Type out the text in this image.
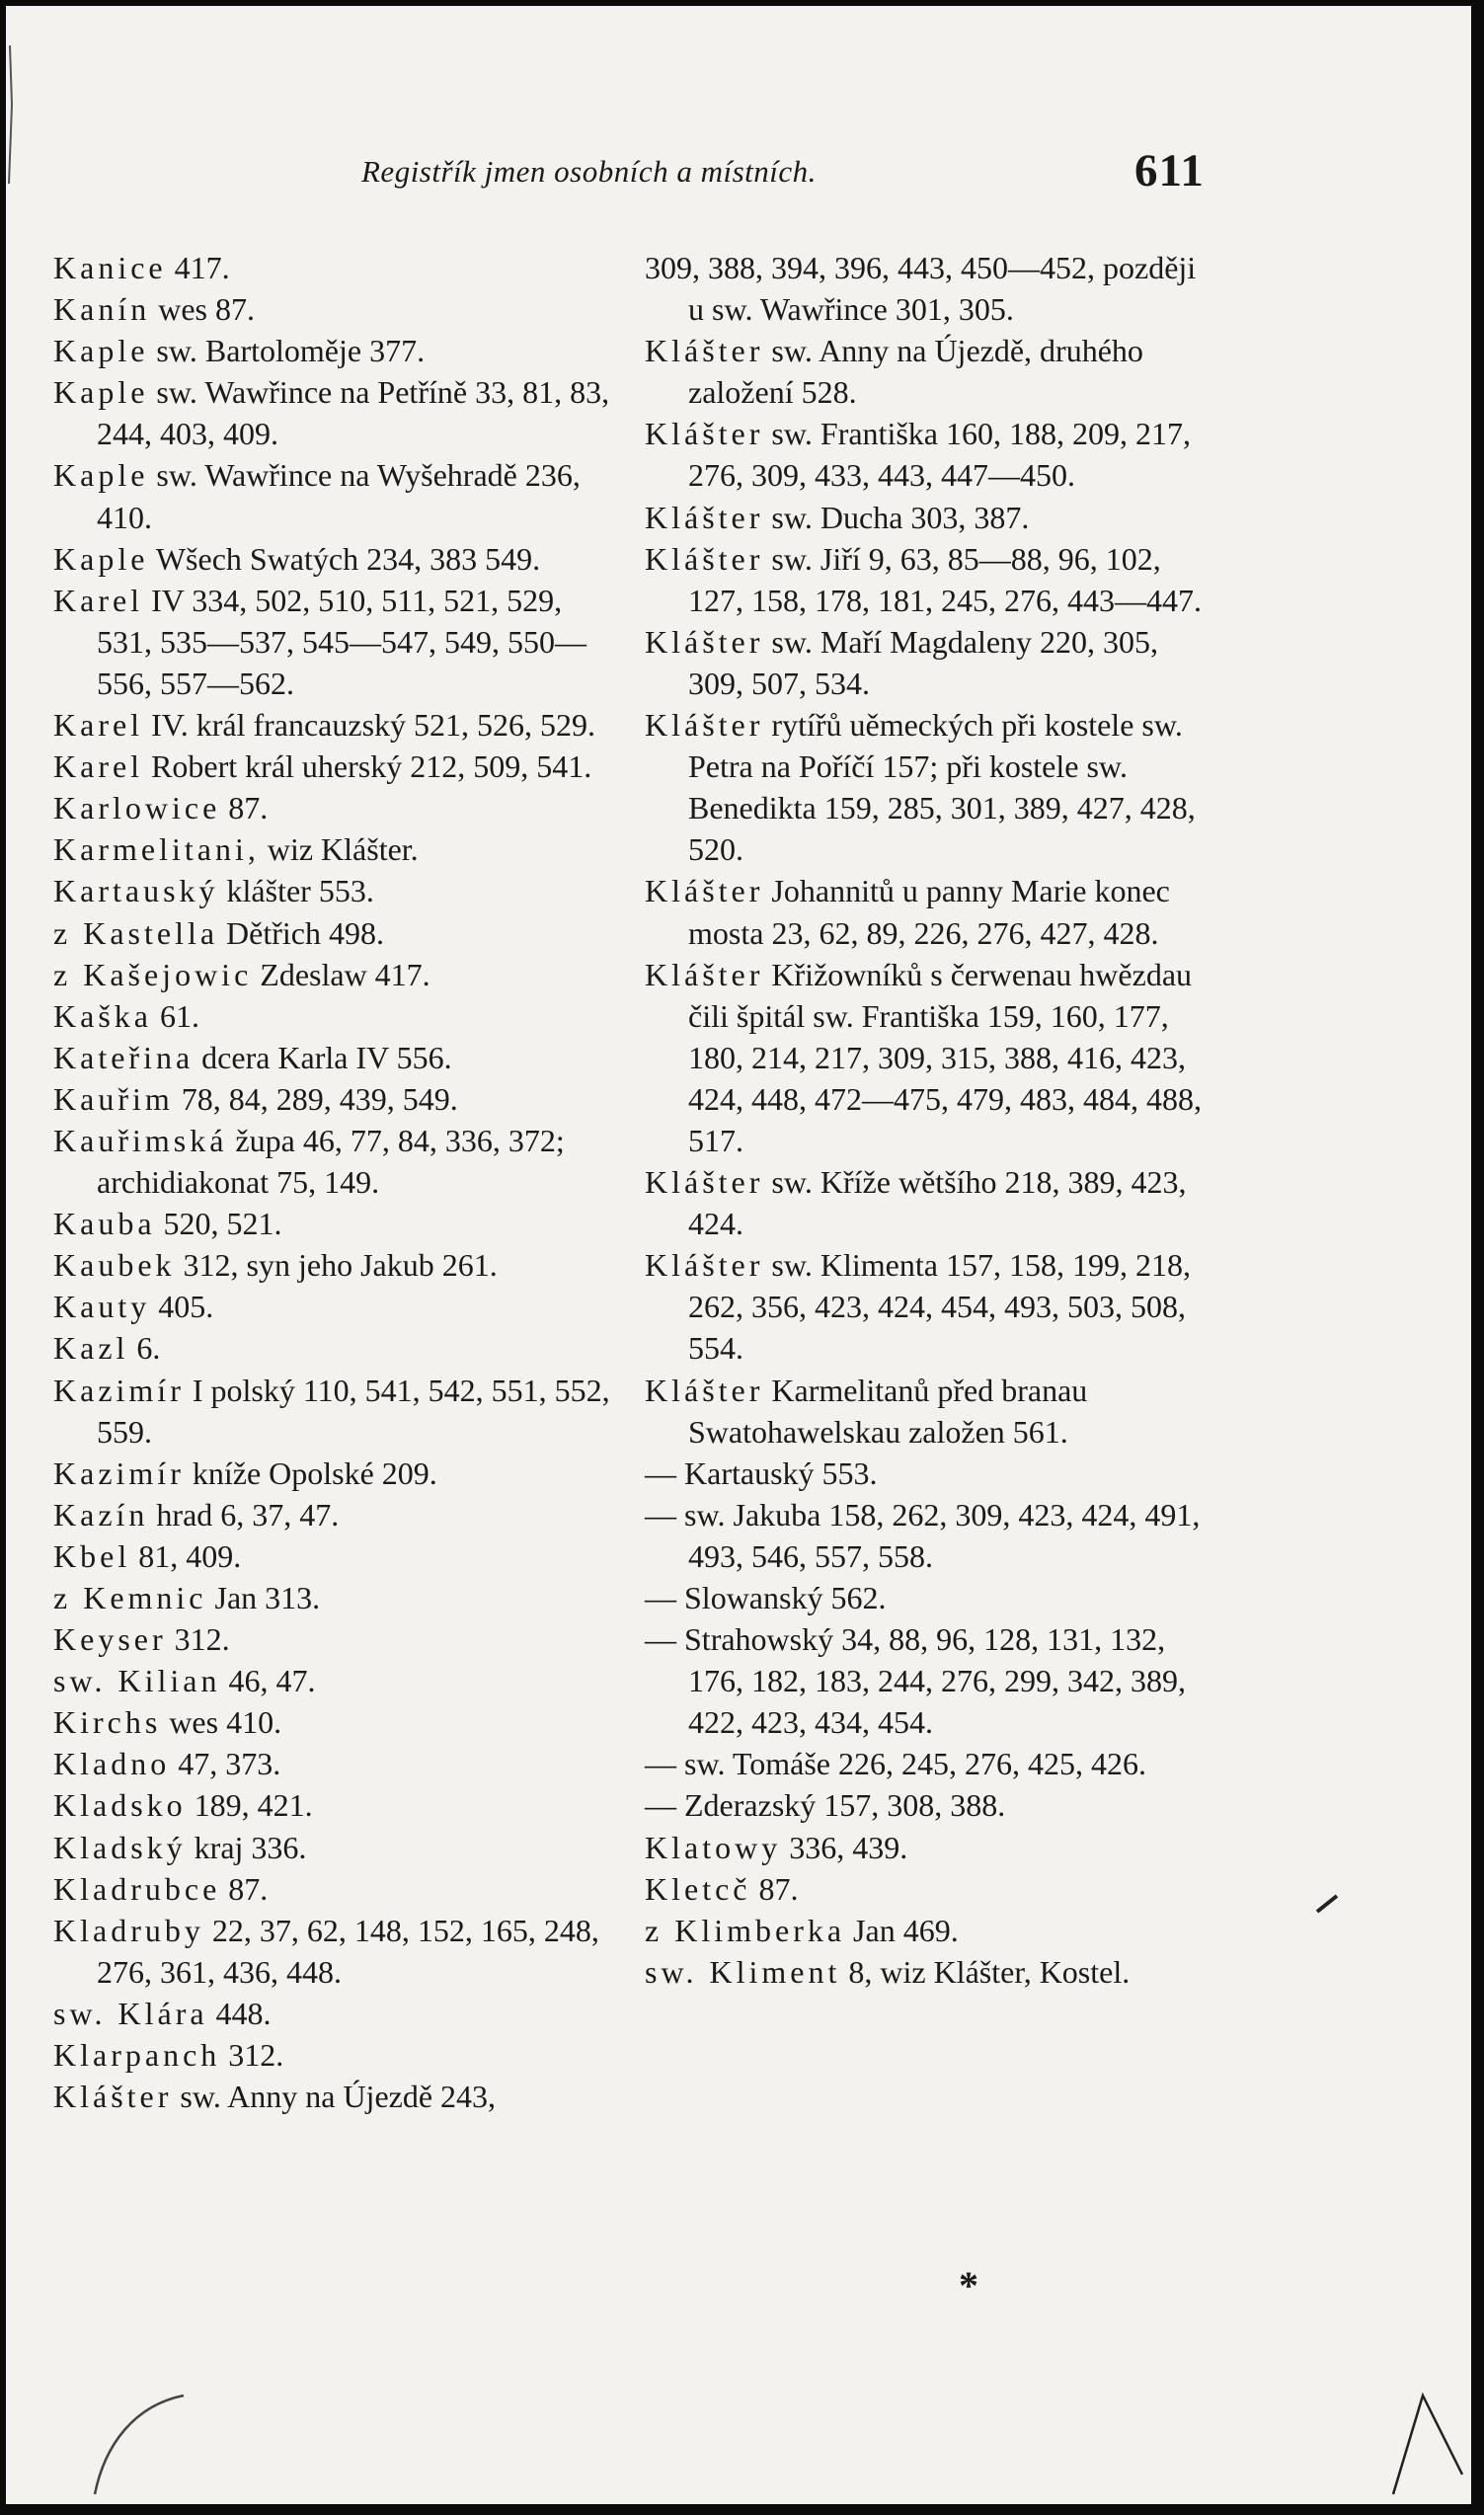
Registřík jmen osobních a místních.	611

Kanice 417.

Kanín wes 87.

Kaple sw. Bartoloměje 377.

Kaple sw. Wawřince na Petříně 33, 81, 83, 244, 403, 409.

Kaple sw. Wawřince na Wyšehradě 236, 410.

Kaple Wšech Swatých 234, 383 549.

Karel IV 334, 502, 510, 511, 521, 529, 531, 535—537, 545—547, 549, 550—556, 557—562.

Karel IV. král francauzský 521, 526, 529.

Karel Robert král uherský 212, 509, 541.

Karlowice 87.

Karmelitani, wiz Klášter.

Kartauský klášter 553.

z Kastella Dětřich 498.

z Kašejowic Zdeslaw 417.

Kaška 61.

Kateřina dcera Karla IV 556.

Kauřim 78, 84, 289, 439, 549.

Kauřimská župa 46, 77, 84, 336, 372; archidiakonat 75, 149.

Kauba 520, 521.

Kaubek 312, syn jeho Jakub 261.

Kauty 405.

Kazl 6.

Kazimír I polský 110, 541, 542, 551, 552, 559.

Kazimír kníže Opolské 209.

Kazín hrad 6, 37, 47.

Kbel 81, 409.

z Kemnic Jan 313.

Keyser 312.

sw. Kilian 46, 47.

Kirchs wes 410.

Kladno 47, 373.

Kladsko 189, 421.

Kladský kraj 336.

Kladrubce 87.

Kladruby 22, 37, 62, 148, 152, 165, 248, 276, 361, 436, 448.

sw. Klára 448.

Klarpanch 312.

Klášter sw. Anny na Újezdě 243,

309, 388, 394, 396, 443, 450—452, později u sw. Wawřince 301, 305.

Klášter sw. Anny na Újezdě, druhého založení 528.

Klášter sw. Františka 160, 188, 209, 217, 276, 309, 433, 443, 447—450.

Klášter sw. Ducha 303, 387.

Klášter sw. Jiří 9, 63, 85—88, 96, 102, 127, 158, 178, 181, 245, 276, 443—447.

Klášter sw. Maří Magdaleny 220, 305, 309, 507, 534.

Klášter rytířů uěmeckých při kostele sw. Petra na Poříčí 157; při kostele sw. Benedikta 159, 285, 301, 389, 427, 428, 520.

Klášter Johannitů u panny Marie konec mosta 23, 62, 89, 226, 276, 427, 428.

Klášter Křižowníků s čerwenau hwězdau čili špitál sw. Františka 159, 160, 177, 180, 214, 217, 309, 315, 388, 416, 423, 424, 448, 472—475, 479, 483, 484, 488, 517.

Klášter sw. Kříže wětšího 218, 389, 423, 424.

Klášter sw. Klimenta 157, 158, 199, 218, 262, 356, 423, 424, 454, 493, 503, 508, 554.

Klášter Karmelitanů před branau Swatohawelskau založen 561.

— Kartauský 553.

— sw. Jakuba 158, 262, 309, 423, 424, 491, 493, 546, 557, 558.

— Slowanský 562.

— Strahowský 34, 88, 96, 128, 131, 132, 176, 182, 183, 244, 276, 299, 342, 389, 422, 423, 434, 454.

— sw. Tomáše 226, 245, 276, 425, 426.

— Zderazský 157, 308, 388.

Klatowy 336, 439.

Kletcč 87.

z Klimberka Jan 469.

sw. Kliment 8, wiz Klášter, Kostel.

*
